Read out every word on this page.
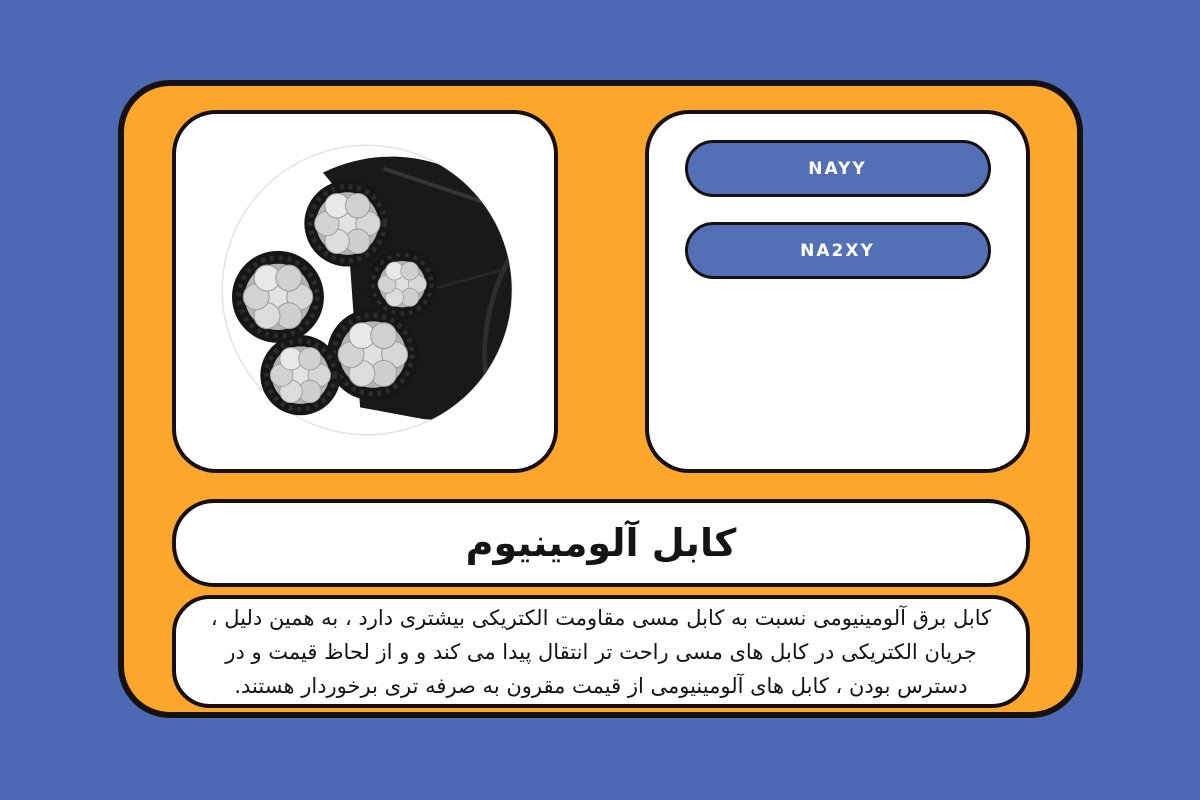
NAYY
NA2XY
کابل آلومینیوم

کابل برق آلومینیومی نسبت به کابل مسی مقاومت الکتریکی بیشتری دارد ، به همین دلیل ، جریان الکتریکی در کابل های مسی راحت تر انتقال پیدا می کند و و از لحاظ قیمت و در دسترس بودن ، کابل های آلومینیومی از قیمت مقرون به صرفه تری برخوردار هستند.
